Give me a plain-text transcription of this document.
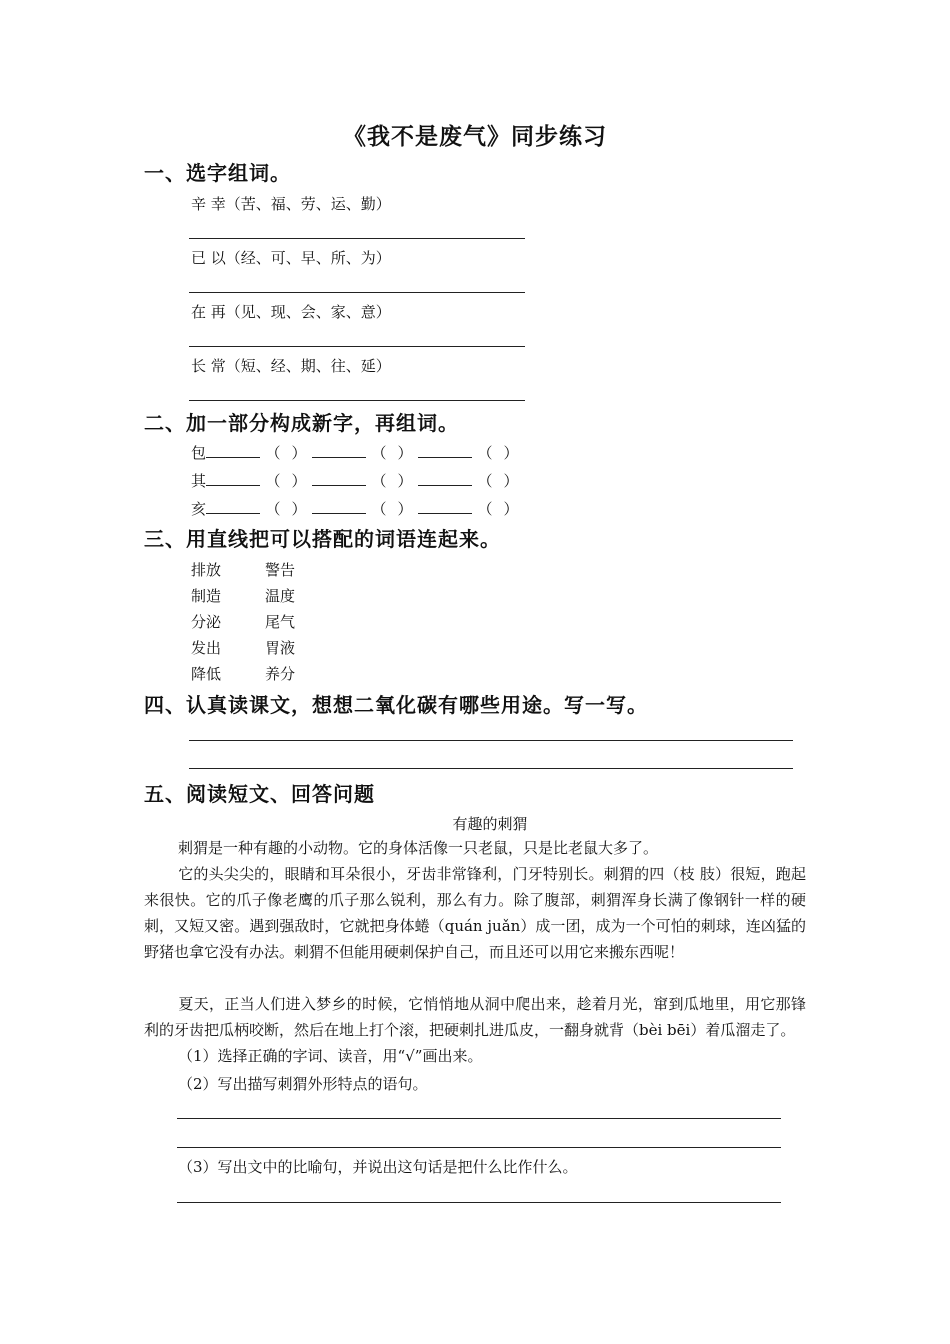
《我不是废气》同步练习
一、选字组词。
辛 幸（苦、福、劳、运、勤）
已 以（经、可、早、所、为）
在 再（见、现、会、家、意）
长 常（短、经、期、往、延）
二、加一部分构成新字，再组词。
包	（ ）	（ ）	（ ）
其	（ ）	（ ）	（ ）
亥	（ ）	（ ）	（ ）
三、用直线把可以搭配的词语连起来。
排放	警告
制造	温度
分泌	尾气
发出	胃液
降低	养分
四、认真读课文，想想二氧化碳有哪些用途。写一写。
五、阅读短文、回答问题
有趣的刺猬
刺猬是一种有趣的小动物。它的身体活像一只老鼠，只是比老鼠大多了。
它的头尖尖的，眼睛和耳朵很小，牙齿非常锋利，门牙特别长。刺猬的四（枝 肢）很短，跑起来很快。它的爪子像老鹰的爪子那么锐利，那么有力。除了腹部，刺猬浑身长满了像钢针一样的硬刺，又短又密。遇到强敌时，它就把身体蜷（quán juǎn）成一团，成为一个可怕的刺球，连凶猛的野猪也拿它没有办法。刺猬不但能用硬刺保护自己，而且还可以用它来搬东西呢！
夏天，正当人们进入梦乡的时候，它悄悄地从洞中爬出来，趁着月光，窜到瓜地里，用它那锋利的牙齿把瓜柄咬断，然后在地上打个滚，把硬刺扎进瓜皮，一翻身就背（bèi bēi）着瓜溜走了。
（1）选择正确的字词、读音，用“√”画出来。
（2）写出描写刺猬外形特点的语句。
（3）写出文中的比喻句，并说出这句话是把什么比作什么。
